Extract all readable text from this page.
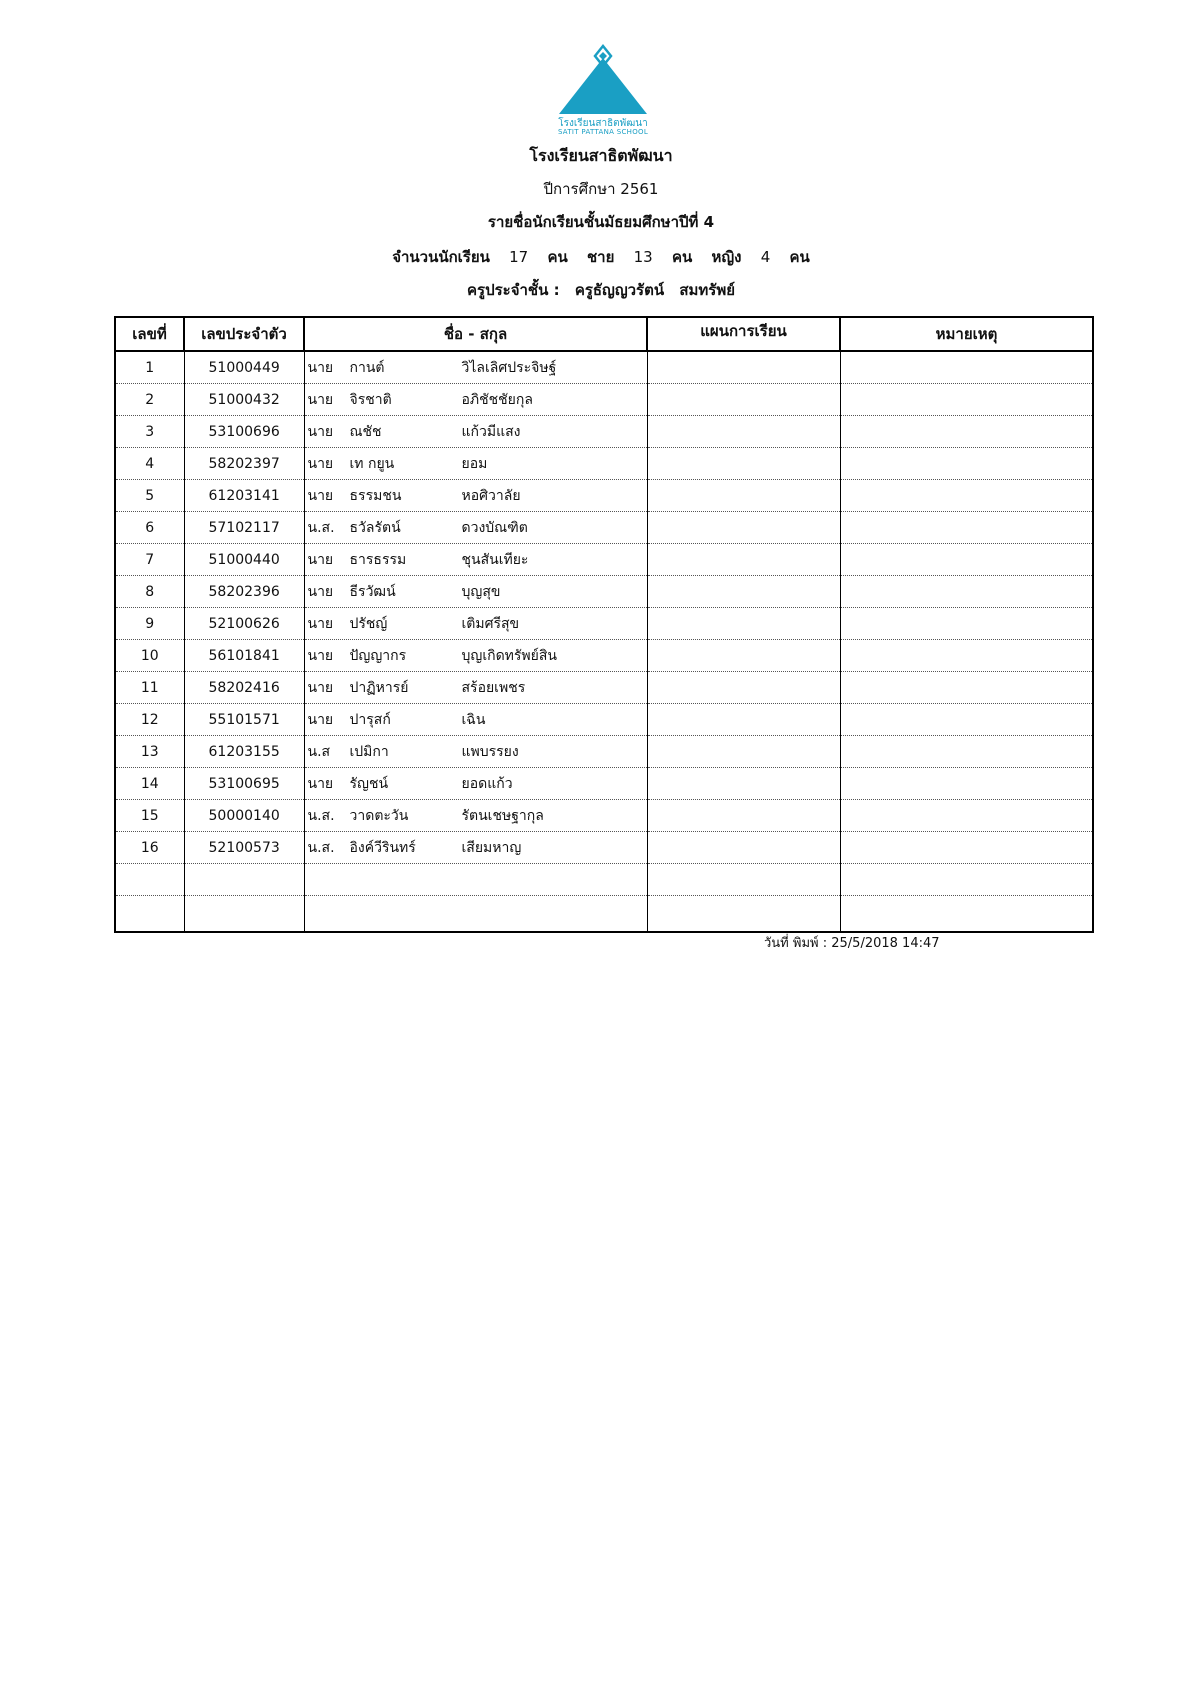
โรงเรียนสาธิตพัฒนา
SATIT PATTANA SCHOOL
โรงเรียนสาธิตพัฒนา
ปีการศึกษา 2561
รายชื่อนักเรียนชั้นมัธยมศึกษาปีที่ 4
จำนวนนักเรียน 17 คน ชาย 13 คน หญิง 4 คน
ครูประจำชั้น : ครูธัญญวรัตน์ สมทรัพย์
เลขที่	เลขประจำตัว	ชื่อ - สกุล	แผนการเรียน	หมายเหตุ
1	51000449	นาย กานต์ วิไลเลิศประจิษฐ์		
2	51000432	นาย จิรชาติ อภิชัชชัยกุล		
3	53100696	นาย ณชัช แก้วมีแสง		
4	58202397	นาย เท กยูน ยอม		
5	61203141	นาย ธรรมชน หอศิวาลัย		
6	57102117	น.ส. ธวัลรัตน์ ดวงบัณฑิต		
7	51000440	นาย ธารธรรม ชุนสันเทียะ		
8	58202396	นาย ธีรวัฒน์ บุญสุข		
9	52100626	นาย ปรัชญ์ เติมศรีสุข		
10	56101841	นาย ปัญญากร บุญเกิดทรัพย์สิน		
11	58202416	นาย ปาฏิหารย์ สร้อยเพชร		
12	55101571	นาย ปารุสก์ เฉิน		
13	61203155	น.ส เปมิกา แพบรรยง		
14	53100695	นาย รัญชน์ ยอดแก้ว		
15	50000140	น.ส. วาดตะวัน รัตนเชษฐากุล		
16	52100573	น.ส. อิงค์วีรินทร์ เสียมหาญ		

วันที่ พิมพ์ : 25/5/2018 14:47
